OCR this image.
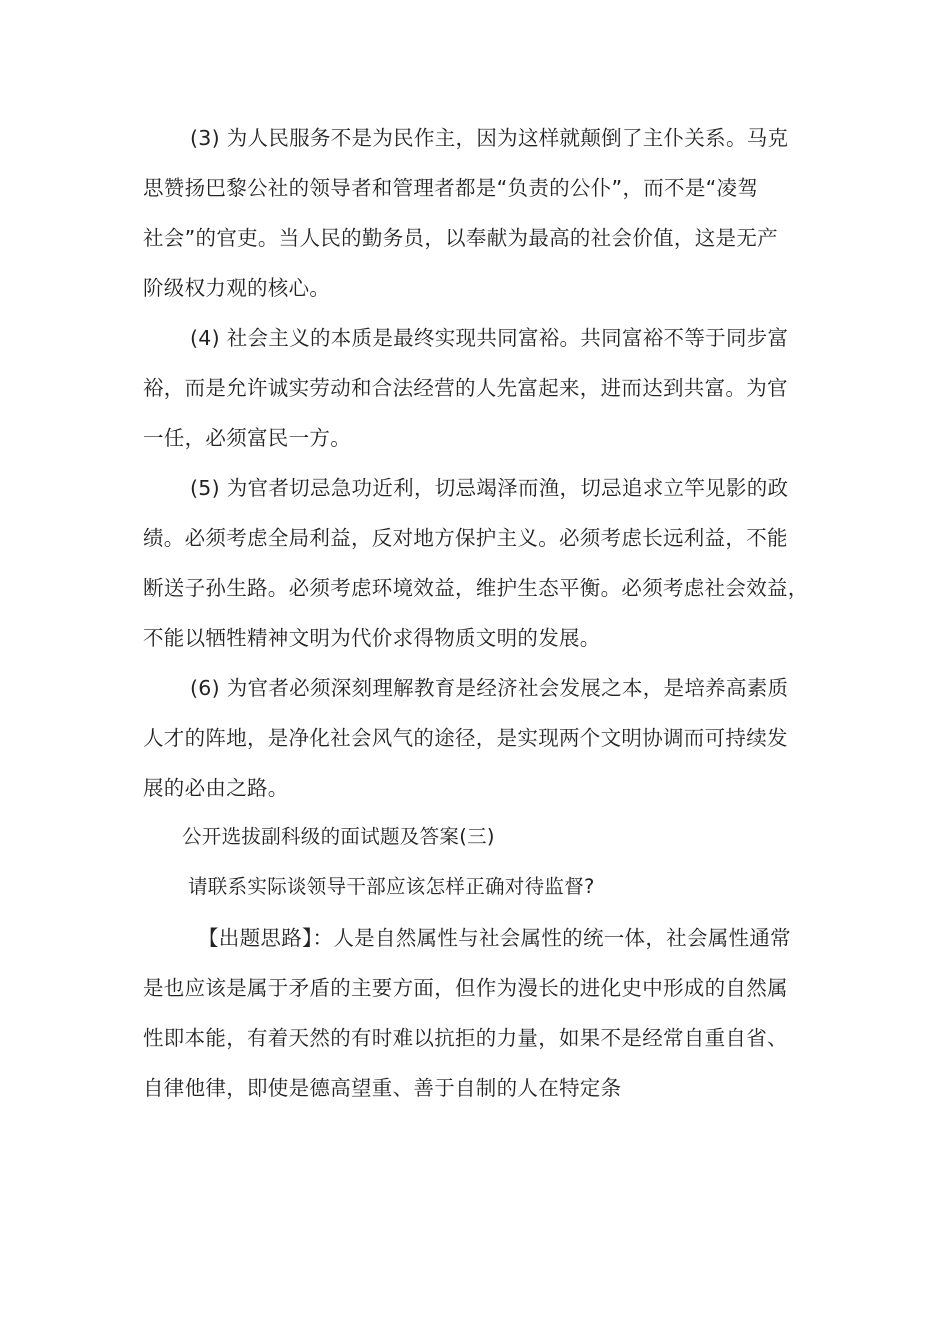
(3) 为人民服务不是为民作主，因为这样就颠倒了主仆关系。马克
思赞扬巴黎公社的领导者和管理者都是“负责的公仆”，而不是“凌驾
社会”的官吏。当人民的勤务员，以奉献为最高的社会价值，这是无产
阶级权力观的核心。
(4) 社会主义的本质是最终实现共同富裕。共同富裕不等于同步富
裕，而是允许诚实劳动和合法经营的人先富起来，进而达到共富。为官
一任，必须富民一方。
(5) 为官者切忌急功近利，切忌竭泽而渔，切忌追求立竿见影的政
绩。必须考虑全局利益，反对地方保护主义。必须考虑长远利益，不能
断送子孙生路。必须考虑环境效益，维护生态平衡。必须考虑社会效益，
不能以牺牲精神文明为代价求得物质文明的发展。
(6) 为官者必须深刻理解教育是经济社会发展之本，是培养高素质
人才的阵地，是净化社会风气的途径，是实现两个文明协调而可持续发
展的必由之路。
公开选拔副科级的面试题及答案(三)
请联系实际谈领导干部应该怎样正确对待监督?
【出题思路】：人是自然属性与社会属性的统一体，社会属性通常
是也应该是属于矛盾的主要方面，但作为漫长的进化史中形成的自然属
性即本能，有着天然的有时难以抗拒的力量，如果不是经常自重自省、
自律他律，即使是德高望重、善于自制的人在特定条
